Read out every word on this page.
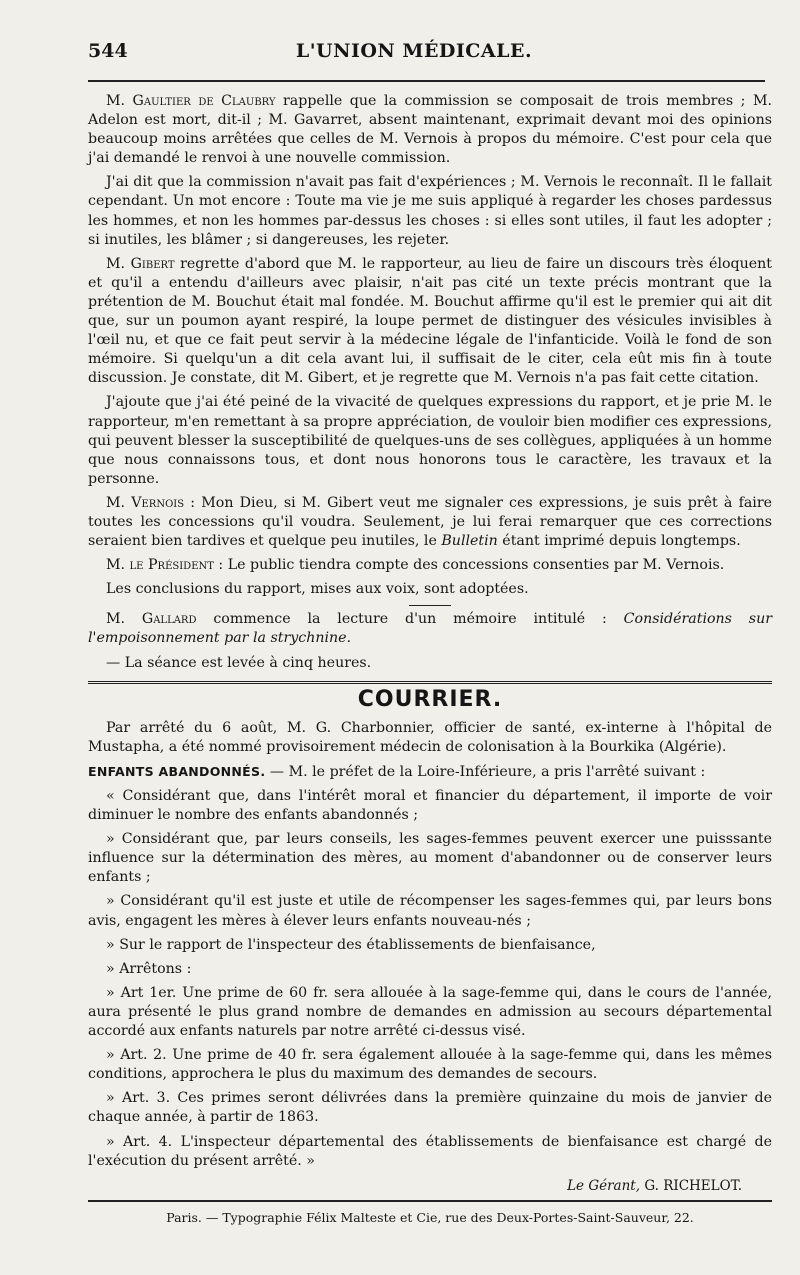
544	L'UNION MÉDICALE.

M. Gaultier de Claubry rappelle que la commission se composait de trois membres ; M. Adelon est mort, dit-il ; M. Gavarret, absent maintenant, exprimait devant moi des opinions beaucoup moins arrêtées que celles de M. Vernois à propos du mémoire. C'est pour cela que j'ai demandé le renvoi à une nouvelle commission.

J'ai dit que la commission n'avait pas fait d'expériences ; M. Vernois le reconnaît. Il le fallait cependant. Un mot encore : Toute ma vie je me suis appliqué à regarder les choses pardessus les hommes, et non les hommes par-dessus les choses : si elles sont utiles, il faut les adopter ; si inutiles, les blâmer ; si dangereuses, les rejeter.

M. Gibert regrette d'abord que M. le rapporteur, au lieu de faire un discours très éloquent et qu'il a entendu d'ailleurs avec plaisir, n'ait pas cité un texte précis montrant que la prétention de M. Bouchut était mal fondée. M. Bouchut affirme qu'il est le premier qui ait dit que, sur un poumon ayant respiré, la loupe permet de distinguer des vésicules invisibles à l'œil nu, et que ce fait peut servir à la médecine légale de l'infanticide. Voilà le fond de son mémoire. Si quelqu'un a dit cela avant lui, il suffisait de le citer, cela eût mis fin à toute discussion. Je constate, dit M. Gibert, et je regrette que M. Vernois n'a pas fait cette citation.

J'ajoute que j'ai été peiné de la vivacité de quelques expressions du rapport, et je prie M. le rapporteur, m'en remettant à sa propre appréciation, de vouloir bien modifier ces expressions, qui peuvent blesser la susceptibilité de quelques-uns de ses collègues, appliquées à un homme que nous connaissons tous, et dont nous honorons tous le caractère, les travaux et la personne.

M. Vernois : Mon Dieu, si M. Gibert veut me signaler ces expressions, je suis prêt à faire toutes les concessions qu'il voudra. Seulement, je lui ferai remarquer que ces corrections seraient bien tardives et quelque peu inutiles, le Bulletin étant imprimé depuis longtemps.

M. le Président : Le public tiendra compte des concessions consenties par M. Vernois.

Les conclusions du rapport, mises aux voix, sont adoptées.

M. Gallard commence la lecture d'un mémoire intitulé : Considérations sur l'empoisonnement par la strychnine.

— La séance est levée à cinq heures.

COURRIER.

Par arrêté du 6 août, M. G. Charbonnier, officier de santé, ex-interne à l'hôpital de Mustapha, a été nommé provisoirement médecin de colonisation à la Bourkika (Algérie).

ENFANTS ABANDONNÉS. — M. le préfet de la Loire-Inférieure, a pris l'arrêté suivant :

« Considérant que, dans l'intérêt moral et financier du département, il importe de voir diminuer le nombre des enfants abandonnés ;

» Considérant que, par leurs conseils, les sages-femmes peuvent exercer une puisssante influence sur la détermination des mères, au moment d'abandonner ou de conserver leurs enfants ;

» Considérant qu'il est juste et utile de récompenser les sages-femmes qui, par leurs bons avis, engagent les mères à élever leurs enfants nouveau-nés ;

» Sur le rapport de l'inspecteur des établissements de bienfaisance,

» Arrêtons :

» Art 1er. Une prime de 60 fr. sera allouée à la sage-femme qui, dans le cours de l'année, aura présenté le plus grand nombre de demandes en admission au secours départemental accordé aux enfants naturels par notre arrêté ci-dessus visé.

» Art. 2. Une prime de 40 fr. sera également allouée à la sage-femme qui, dans les mêmes conditions, approchera le plus du maximum des demandes de secours.

» Art. 3. Ces primes seront délivrées dans la première quinzaine du mois de janvier de chaque année, à partir de 1863.

» Art. 4. L'inspecteur départemental des établissements de bienfaisance est chargé de l'exécution du présent arrêté. »

Le Gérant, G. RICHELOT.
Paris. — Typographie Félix Malteste et Cie, rue des Deux-Portes-Saint-Sauveur, 22.
